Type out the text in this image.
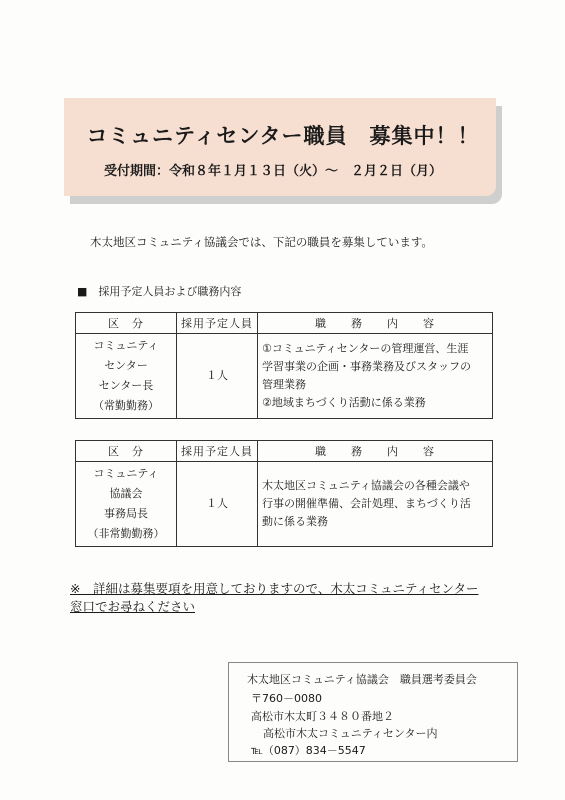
コミュニティセンター職員　募集中！！
受付期間：令和８年１月１３日（火）～　２月２日（月）
木太地区コミュニティ協議会では、下記の職員を募集しています。
■　採用予定人員および職務内容
区　分	採用予定人員	職　　務　　内　　容

コミュニティ
センター
センター長
（常勤勤務）	１人	①コミュニティセンターの管理運営、生涯
学習事業の企画・事務業務及びスタッフの
管理業務
②地域まちづくり活動に係る業務
区　分	採用予定人員	職　　務　　内　　容

コミュニティ
協議会
事務局長
（非常勤勤務）	１人	木太地区コミュニティ協議会の各種会議や
行事の開催準備、会計処理、まちづくり活
動に係る業務
※　詳細は募集要項を用意しておりますので、木太コミュニティセンター
窓口でお尋ねください
木太地区コミュニティ協議会　職員選考委員会
〒760－0080
高松市木太町３４８０番地２
高松市木太コミュニティセンター内
℡（087）834－5547
